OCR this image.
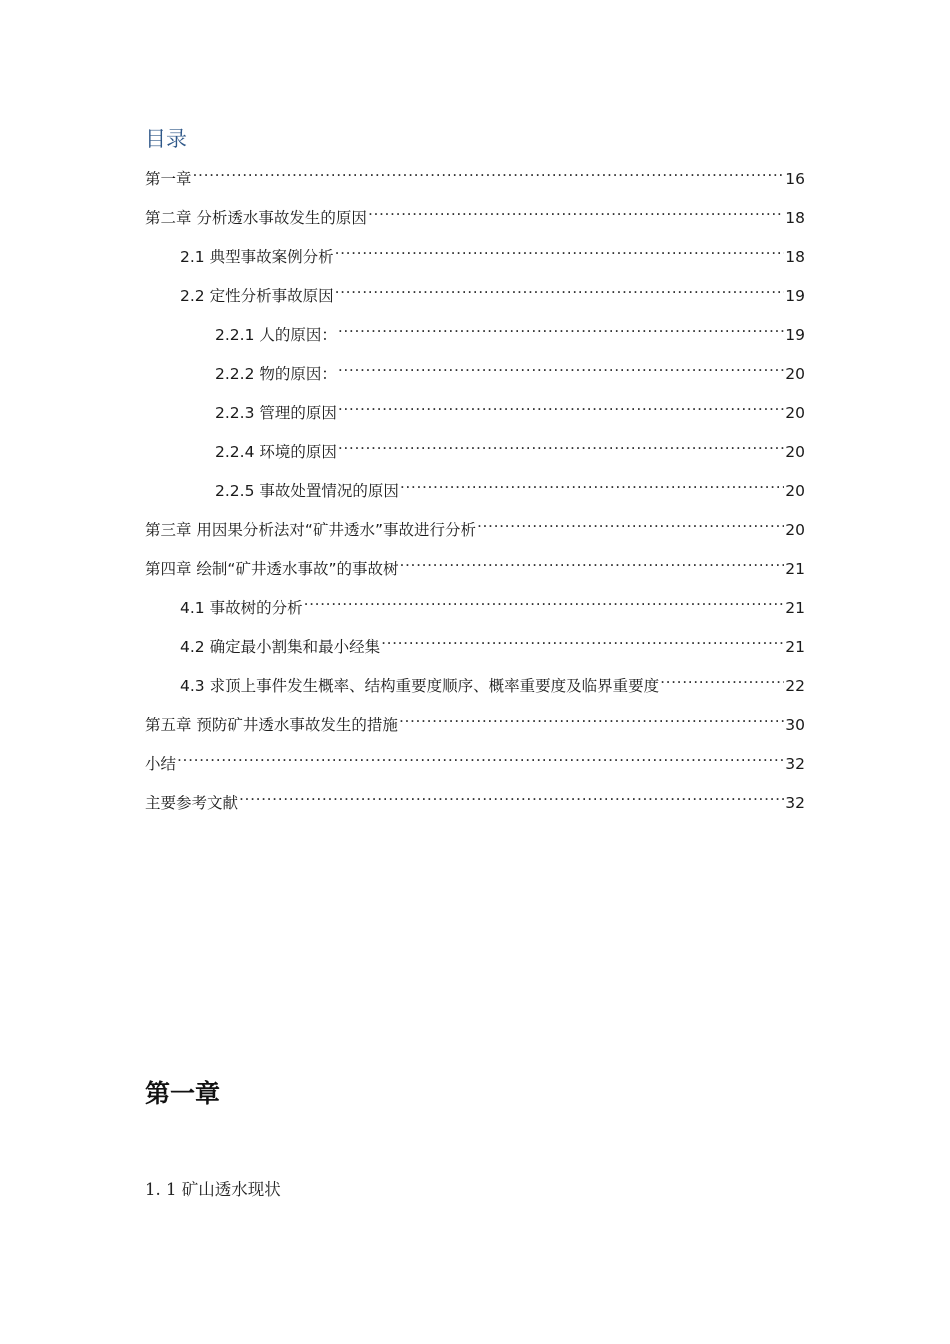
目录
第一章 .....	16
第二章 分析透水事故发生的原因 .....	18
2.1 典型事故案例分析 .....	18
2.2 定性分析事故原因 .....	19
2.2.1 人的原因： .....	19
2.2.2 物的原因： .....	20
2.2.3 管理的原因 .....	20
2.2.4 环境的原因 .....	20
2.2.5 事故处置情况的原因 .....	20
第三章 用因果分析法对“矿井透水”事故进行分析 .....	20
第四章 绘制“矿井透水事故”的事故树 .....	21
4.1 事故树的分析 .....	21
4.2 确定最小割集和最小经集 .....	21
4.3 求顶上事件发生概率、结构重要度顺序、概率重要度及临界重要度 .....	22
第五章 预防矿井透水事故发生的措施 .....	30
小结 .....	32
主要参考文献 .....	32
第一章
1. 1 矿山透水现状
